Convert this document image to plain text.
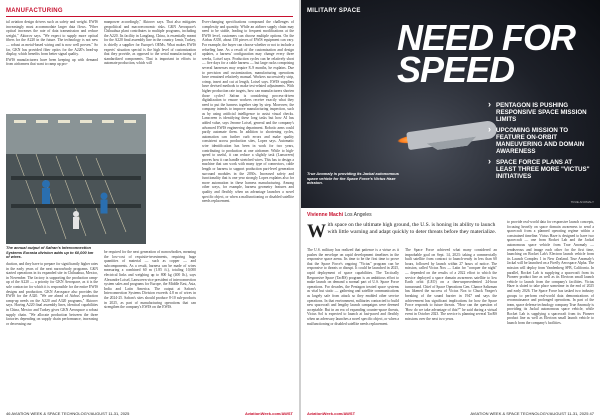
MANUFACTURING

tal aviation design drivers such as safety and weight. EWIS increasingly must accommodate larger data flows. "Fiber optical increases the rate of data transmission and reduce weight," Aktorov says. "We expect to supply more optical fibers for the A220 in the future. The technology is not new — robust as metal-based wiring and is now well proven." So far, GKN has provided fiber optics for the A220's head-up display, which benefits from better signal quality.

EWIS manufacturers have been keeping up with demand from airframers that want to ramp up pro-

manpower accordingly," Aktorov says. That also mitigates geopolitical and macroeconomic risks. GKN Aerospace's Chihuahua plant contributes to multiple programs, including the A220. Its facility in Langfang, China, is essentially meant for the A220 final assembly line in the country. Izmir, Turkey, is chiefly a supplier for Europe's OEMs. What makes EWIS experts' situation special is the high level of customization that they provide, as opposed to the serial manufacturing of standardized components. That is important in efforts to automate production, which will

Ever-changing specifications compound the challenges of complexity and quantity. While an airliner supply chain may need to be stable, leading to frequent modifications at the EWIS level, customers can choose multiple options. On the Airbus A350, about 150 pieces of EWIS equipment can vary. For example, the buyer can choose whether or not to include a refueling lane. As a result of the customization and design updates, a harness' configuration may change every three weeks, Loisel says. Production cycles can be relatively short — five days for a cable harness — but large racks comprising several harnesses may require 8–9 months, he explains. Due to precision and customization, manufacturing operations have remained relatively manual. Workers successively strip, crimp, insert and cut at length, Loisel says. EWIS suppliers have devised methods to make test-related adjustments. With higher production rate targets, how can manufacturers shorten those cycles? Safran is considering process-driven digitalization to ensure workers receive exactly what they need to put the harness together step by step. Moreover, the company intends to improve manufacturing inspection, such as by using artificial intelligence to assist visual checks. Lanscreen is identifying these long tasks but how AI has added value, says Jerome Loisel, general and the company's advanced EWIS engineering department. Robotic arms could partly automate them. In addition to shortening cycles, automation can further curb errors and make quality consistent across production sites, Lopez says. Automatic wire identification has been in work for two years, contributing to production at one airframer. While to high-speed to useful, it can reduce a slightly task (Lanscreen) proves how it can handle stretched wires. This has to design a machine that can work with many type of connectors, cable length or harness to support production part-level generation surround modules in the 2030s. Increased safety and functionality that is one year strongly Lopez explains also for more automation in these harness manufacturing. Among other ways, for example, harness geometry features and quality and flexibly when an advantage launches a novel specific object, or when a malfunctioning or disabled satellite needs replacement.

The annual output of Safran's Interconnection Systems Eurasia division adds up to 60,000 km of wires.

duction, and they have to prepare for significantly higher rates in the early years of the next narrowbody programs. GKN started operations in its expanded site in Chihuahua, Mexico, in November. The factory is supporting the production ramp-up of the A220 — a priority for GKN Aerospace, as it is the sole contractor for which it is responsible for the entire EWIS designs and production. GKN Aerospace also provides the EWIS for the A320. "We are ahead of Airbus' production ramp-up needs on the A220 and A320 programs," Aktorov says. Having A220 final assembly lines, identical capabilities in China, Mexico and Turkey gives GKN Aerospace a robust supply chain. "We allocate production between the three factories depending on supply chain performance, increasing or decreasing our

be required for the next generation of narrowbodies, meaning the low-cost of requisite-investments, requiring huge quantities of material — such as copper — and subcomponents. As a result, harness can be made of wires measuring a combined 60 m (1.85 ft.), totaling 10,000 electrical links and weighing up to 800 kg (400 lb.), says Alexandre Loisel, Lanscreen vice president of interconnection system sales and programs for Europe, the Middle East, Asia, India and Latin America. The output at Safran's Interconnection Systems Division exceeds 4.8 m of wires in the 2024-25. Safran's sites should produce 8-10 sub-products in 2025, as part of manufacturing operations that can strengthen the company's EWIS on the EWIS.

46 AVIATION WEEK & SPACE TECHNOLOGY/AUGUST 11-31, 2025	AviationWeek.com/AWST
MILITARY SPACE
NEED FOR
SPEED
› PENTAGON IS PUSHING RESPONSIVE SPACE MISSION LIMITS
› UPCOMING MISSION TO FEATURE ON-ORBIT MANEUVERING AND DOMAIN AWARENESS
› SPACE FORCE PLANS AT LEAST THREE MORE "VICTUS" INITIATIVES
True Anomaly is providing its Jackal autonomous space vehicle for the Space Force's Victus Haze mission.
TRUE ANOMALY
Vivienne Machi Los Angeles
W ith space on the ultimate high ground, the U.S. is honing its ability to launch with little warning and adapt quickly to deter threats before they materialize.

The U.S. military has realized that patience is a virtue as it pushes the envelope on rapid development timelines in the responsive space arena. Its time to be the first time to prove that the Space Force's ongoing "Victus" program can be responsive to threats or disrupt. It could be launched in 2025, rapid deployment of space capabilities. The Tactically Responsive Space (TacRS) program is an ambitious effort to make launch on demand a normal part of U.S. Space Force operations. For decades, the Pentagon treated space systems as vital but static — gathering and satellite communications as largely safe from attack so they enabled other service operations. In that environment, militaries contracted to build new spacecraft and lengthy launch campaigns were deemed acceptable. But in an era of expanding counter-space threats, Victus Sol is expected to launch at fast-paced and flexibly when an adversary launches a novel specific object, or when a malfunctioning or disabled satellite needs replacement.

The Space Force achieved what many considered an improbable goal on Sept. 14, 2023: taking a commercially built satellite from contract to launch-ready in less than 60 hours, followed by launch within 27 hours of notice. The mission, called Victus Nox — Latin for "conquer the night" — depended on the results of a 2022 effort to which the service deployed a space domain awareness satellite to low Earth orbit (LEO) on a then-unprecedented 24-hour turnaround. Chief of Space Operations Gen. Chance Saltzman has likened the success of Victus Nox to Chuck Yeager's breaking of the sound barrier in 1947 and says the achievement has significant implications for how the Space Force responds to future threats. "How can the question of 'How do we take advantage of this?'" he said during a virtual event in October 2023. The service is planning several TacRS missions over the next two years.

to provide real-world data for responsive launch concepts, focusing heavily on space domain awareness to send a spacecraft from a planned operating regime within a constrained timeline. Victus Haze is designed to have two spacecraft — one from Rocket Lab and the Jackal autonomous space vehicle from True Anomaly — rendezvous and image each other for the first time, launching on Rocket Lab's Electron launch vehicle from its Launch Complex 1 in New Zealand. True Anomaly's Jackal will be launched on a Firefly Aerospace Alpha. The mission will deploy from Vandenberg SFB, California. In parallel, Rocket Lab is supplying a spacecraft from its Pioneer product line as well as its Electron small launch vehicle to launch from the company's facilities. Victus Haze is slated to take place sometime in the end of 2025 and early 2026. The Space Force has tasked two industry groups to perform real-world data demonstrations of reconnaissance and prolonged operations. In part of the team, space defense technology company True Anomaly is providing its Jackal autonomous space vehicle, while Rocket Lab is supplying a spacecraft from its Pioneer product line as well as Electron small launch vehicle to launch from the company's facilities.

AviationWeek.com/AWST	AVIATION WEEK & SPACE TECHNOLOGY/AUGUST 11-31, 2025 47
